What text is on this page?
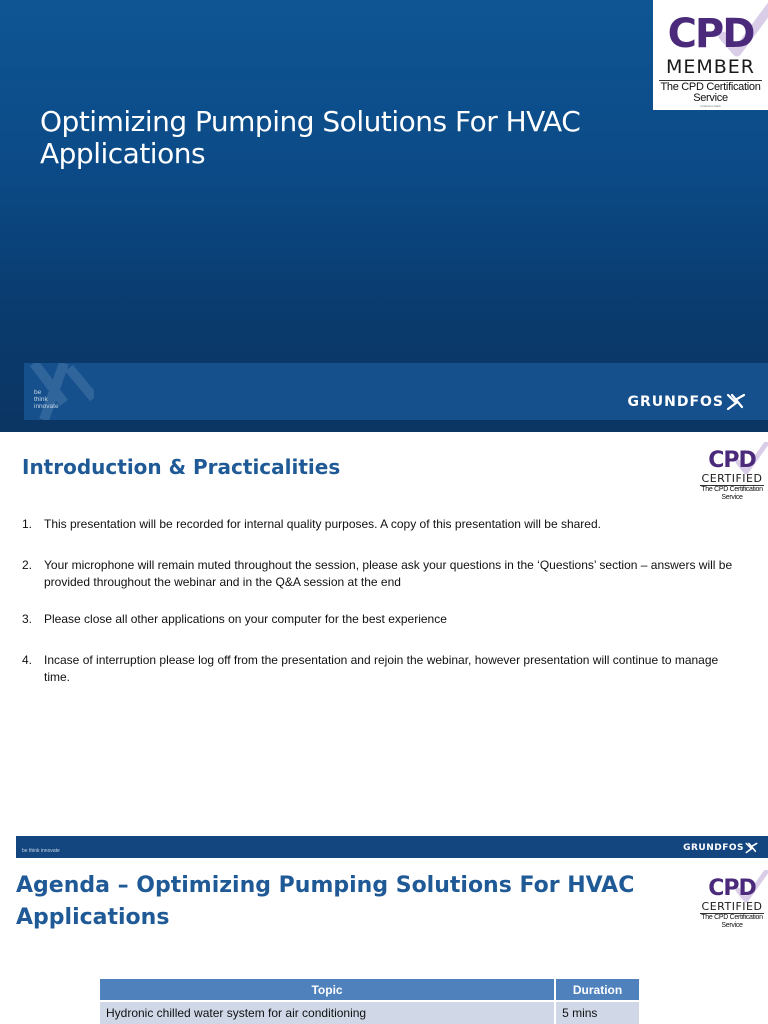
Optimizing Pumping Solutions For HVAC Applications
CPD
MEMBER
The CPD Certification
Service
Collective Mark
be
think
innovate	GRUNDFOS
Introduction & Practicalities	CPD
CERTIFIED
The CPD Certification
Service
1. This presentation will be recorded for internal quality purposes. A copy of this presentation will be shared.
2. Your microphone will remain muted throughout the session, please ask your questions in the ‘Questions’ section – answers will be provided throughout the webinar and in the Q&A session at the end
3. Please close all other applications on your computer for the best experience
4. Incase of interruption please log off from the presentation and rejoin the webinar, however presentation will continue to manage time.
be think innovate	GRUNDFOS
Agenda – Optimizing Pumping Solutions For HVAC Applications
CPD
CERTIFIED
The CPD Certification
Service
Topic	Duration
Hydronic chilled water system for air conditioning	5 mins
